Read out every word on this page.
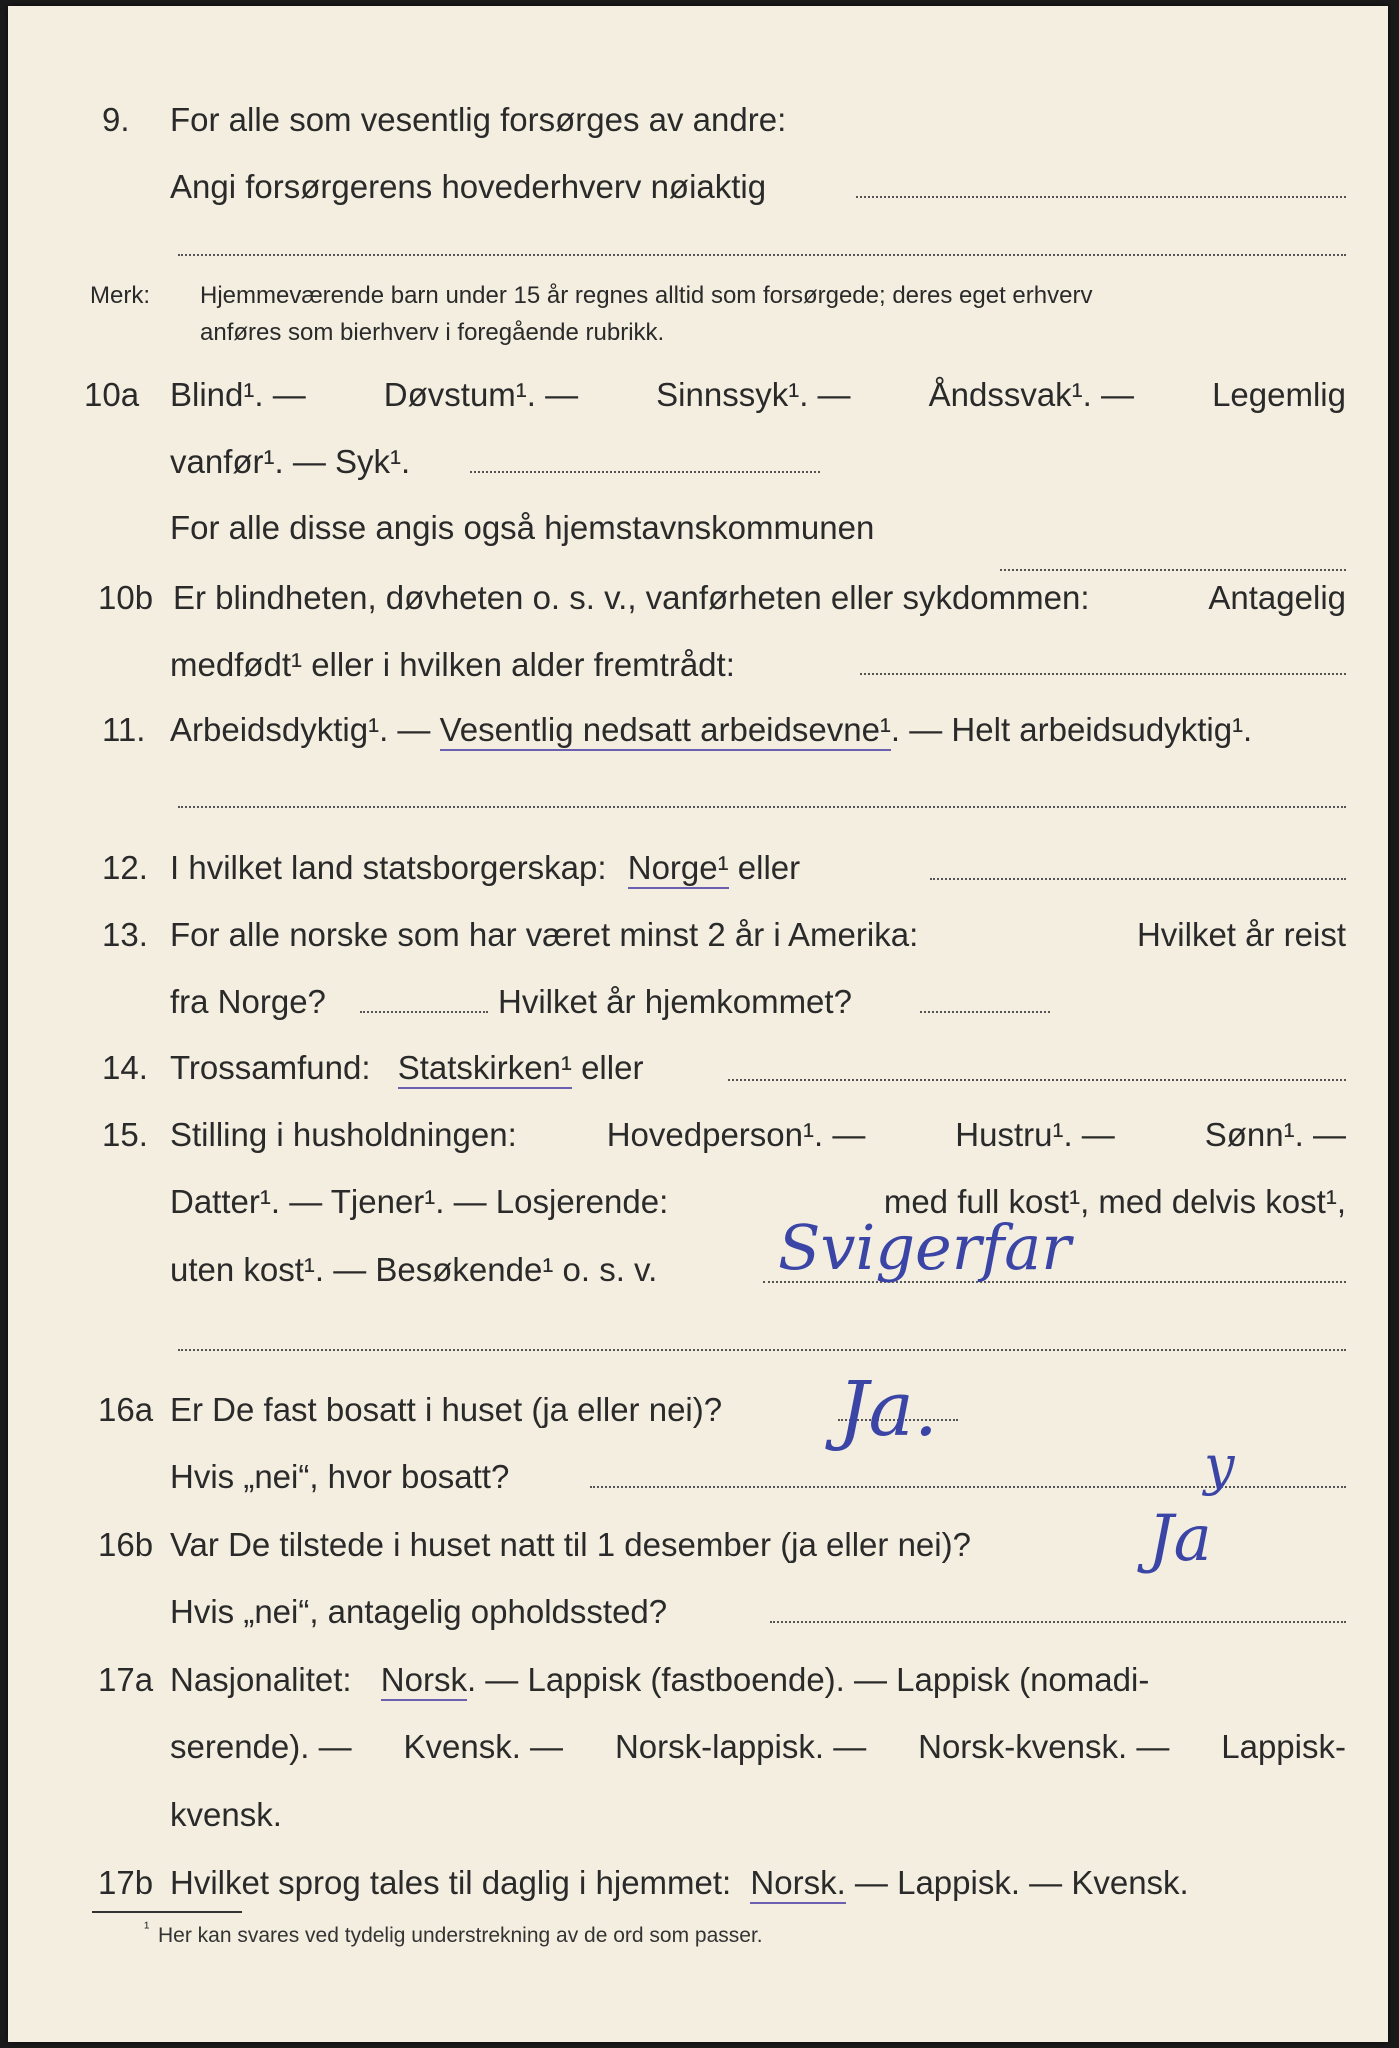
9. For alle som vesentlig forsørges av andre:
Angi forsørgerens hovederhverv nøiaktig
Merk: Hjemmeværende barn under 15 år regnes alltid som forsørgede; deres eget erhverv
anføres som bierhverv i foregående rubrikk.
10a Blind¹. — Døvstum¹. — Sinnssyk¹. — Åndssvak¹. — Legemlig
vanfør¹. — Syk¹.
For alle disse angis også hjemstavnskommunen
10b Er blindheten, døvheten o. s. v., vanførheten eller sykdommen:	Antagelig
medfødt¹ eller i hvilken alder fremtrådt:
11. Arbeidsdyktig¹. — Vesentlig nedsatt arbeidsevne¹. — Helt arbeidsudyktig¹.
12. I hvilket land statsborgerskap: Norge¹ eller
13. For alle norske som har været minst 2 år i Amerika:	Hvilket år reist
fra Norge?	Hvilket år hjemkommet?
14. Trossamfund: Statskirken¹ eller
15. Stilling i husholdningen:	Hovedperson¹. —	Hustru¹. —	Sønn¹. —
Datter¹. — Tjener¹. — Losjerende:	med full kost¹, med delvis kost¹,
uten kost¹. — Besøkende¹ o. s. v. Svigerfar
16a Er De fast bosatt i huset (ja eller nei)? Ja.
Hvis „nei“, hvor bosatt?	y
16b Var De tilstede i huset natt til 1 desember (ja eller nei)?	Ja
Hvis „nei“, antagelig opholdssted?
17a Nasjonalitet: Norsk. — Lappisk (fastboende). — Lappisk (nomadi-
serende). — Kvensk. — Norsk-lappisk. — Norsk-kvensk. — Lappisk-
kvensk.
17b Hvilket sprog tales til daglig i hjemmet: Norsk. — Lappisk. — Kvensk.
¹ Her kan svares ved tydelig understrekning av de ord som passer.
